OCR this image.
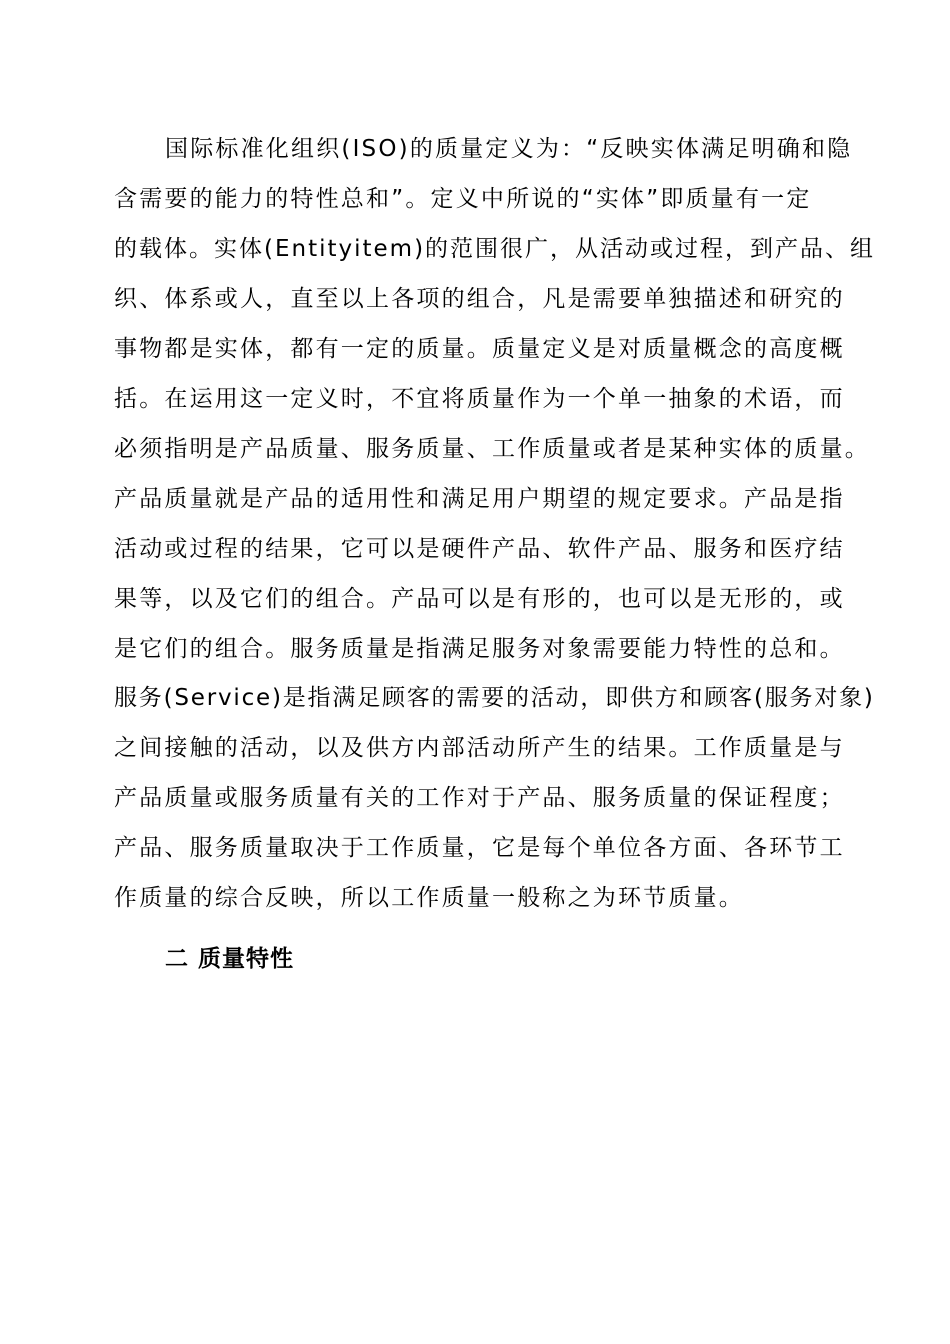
国际标准化组织(ISO)的质量定义为：“反映实体满足明确和隐
含需要的能力的特性总和”。定义中所说的“实体”即质量有一定
的载体。实体(Entityitem)的范围很广，从活动或过程，到产品、组
织、体系或人，直至以上各项的组合，凡是需要单独描述和研究的
事物都是实体，都有一定的质量。质量定义是对质量概念的高度概
括。在运用这一定义时，不宜将质量作为一个单一抽象的术语，而
必须指明是产品质量、服务质量、工作质量或者是某种实体的质量。
产品质量就是产品的适用性和满足用户期望的规定要求。产品是指
活动或过程的结果，它可以是硬件产品、软件产品、服务和医疗结
果等，以及它们的组合。产品可以是有形的，也可以是无形的，或
是它们的组合。服务质量是指满足服务对象需要能力特性的总和。
服务(Service)是指满足顾客的需要的活动，即供方和顾客(服务对象)
之间接触的活动，以及供方内部活动所产生的结果。工作质量是与
产品质量或服务质量有关的工作对于产品、服务质量的保证程度；
产品、服务质量取决于工作质量，它是每个单位各方面、各环节工
作质量的综合反映，所以工作质量一般称之为环节质量。
二 质量特性
